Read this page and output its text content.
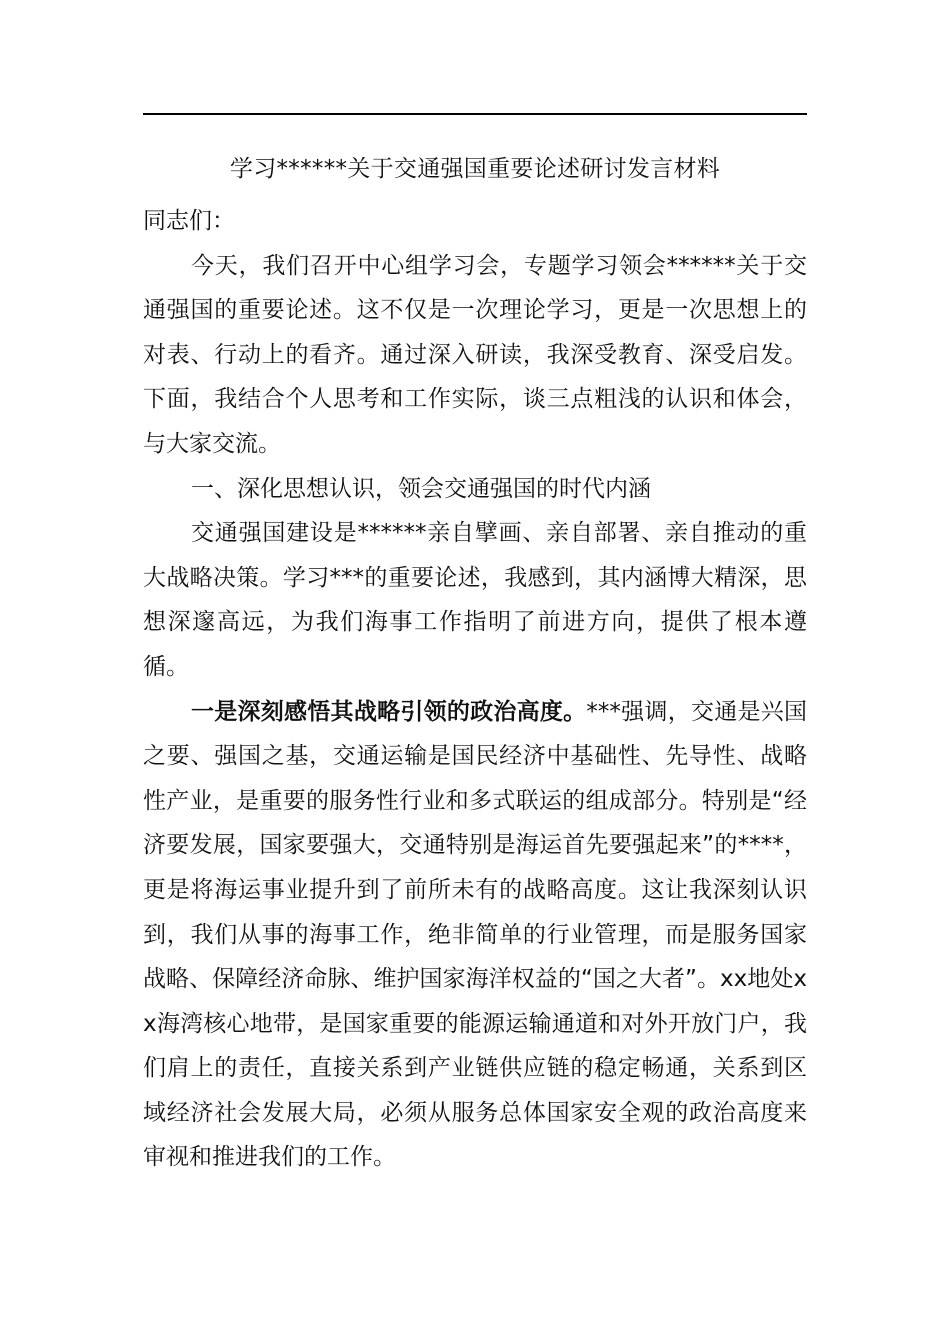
学习******关于交通强国重要论述研讨发言材料

同志们：

今天，我们召开中心组学习会，专题学习领会******关于交通强国的重要论述。这不仅是一次理论学习，更是一次思想上的对表、行动上的看齐。通过深入研读，我深受教育、深受启发。下面，我结合个人思考和工作实际，谈三点粗浅的认识和体会，与大家交流。

一、深化思想认识，领会交通强国的时代内涵

交通强国建设是******亲自擘画、亲自部署、亲自推动的重大战略决策。学习***的重要论述，我感到，其内涵博大精深，思想深邃高远，为我们海事工作指明了前进方向，提供了根本遵循。

一是深刻感悟其战略引领的政治高度。***强调，交通是兴国之要、强国之基，交通运输是国民经济中基础性、先导性、战略性产业，是重要的服务性行业和多式联运的组成部分。特别是“经济要发展，国家要强大，交通特别是海运首先要强起来”的****，更是将海运事业提升到了前所未有的战略高度。这让我深刻认识到，我们从事的海事工作，绝非简单的行业管理，而是服务国家战略、保障经济命脉、维护国家海洋权益的“国之大者”。xx地处xx海湾核心地带，是国家重要的能源运输通道和对外开放门户，我们肩上的责任，直接关系到产业链供应链的稳定畅通，关系到区域经济社会发展大局，必须从服务总体国家安全观的政治高度来审视和推进我们的工作。
